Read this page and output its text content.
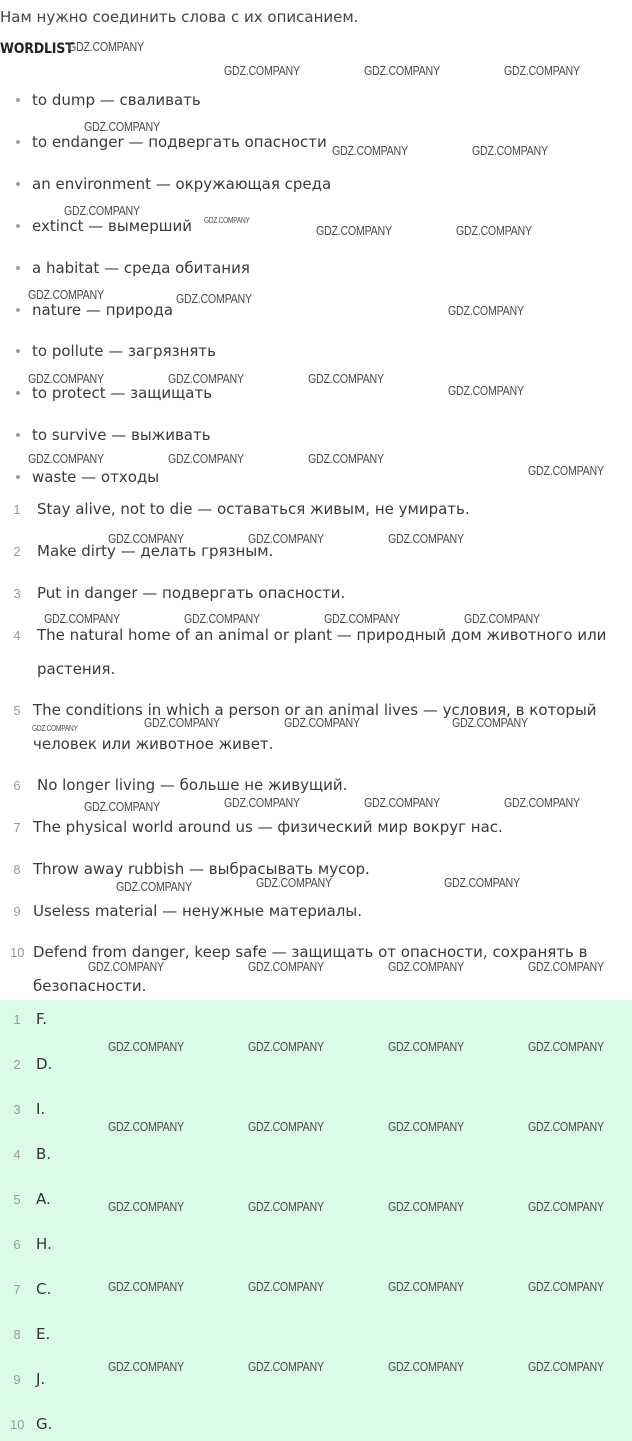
Нам нужно соединить слова с их описанием.
WORDLIST
to dump — сваливать
to endanger — подвергать опасности
an environment — окружающая среда
extinct — вымерший
a habitat — среда обитания
nature — природа
to pollute — загрязнять
to protect — защищать
to survive — выживать
waste — отходы
1 Stay alive, not to die — оставаться живым, не умирать.
2 Make dirty — делать грязным.
3 Put in danger — подвергать опасности.
4 The natural home of an animal or plant — природный дом животного или растения.
5 The conditions in which a person or an animal lives — условия, в который человек или животное живет.
6 No longer living — больше не живущий.
7 The physical world around us — физический мир вокруг нас.
8 Throw away rubbish — выбрасывать мусор.
9 Useless material — ненужные материалы.
10 Defend from danger, keep safe — защищать от опасности, сохранять в безопасности.
1 F.
2 D.
3 I.
4 B.
5 A.
6 H.
7 C.
8 E.
9 J.
10 G.
GDZ.COMPANY
GDZ.COMPANY	GDZ.COMPANY	GDZ.COMPANY
GDZ.COMPANY
GDZ.COMPANY	GDZ.COMPANY
GDZ.COMPANY
GDZ.COMPANY
GDZ.COMPANY	GDZ.COMPANY
GDZ.COMPANY	GDZ.COMPANY
GDZ.COMPANY
GDZ.COMPANY	GDZ.COMPANY	GDZ.COMPANY
GDZ.COMPANY
GDZ.COMPANY	GDZ.COMPANY	GDZ.COMPANY
GDZ.COMPANY
GDZ.COMPANY	GDZ.COMPANY	GDZ.COMPANY
GDZ.COMPANY	GDZ.COMPANY	GDZ.COMPANY	GDZ.COMPANY
GDZ.COMPANY	GDZ.COMPANY	GDZ.COMPANY	GDZ.COMPANY
GDZ.COMPANY	GDZ.COMPANY	GDZ.COMPANY	GDZ.COMPANY
GDZ.COMPANY	GDZ.COMPANY	GDZ.COMPANY
GDZ.COMPANY	GDZ.COMPANY	GDZ.COMPANY	GDZ.COMPANY
GDZ.COMPANY	GDZ.COMPANY	GDZ.COMPANY	GDZ.COMPANY
GDZ.COMPANY	GDZ.COMPANY	GDZ.COMPANY	GDZ.COMPANY
GDZ.COMPANY	GDZ.COMPANY	GDZ.COMPANY	GDZ.COMPANY
GDZ.COMPANY	GDZ.COMPANY	GDZ.COMPANY	GDZ.COMPANY
GDZ.COMPANY	GDZ.COMPANY	GDZ.COMPANY	GDZ.COMPANY
